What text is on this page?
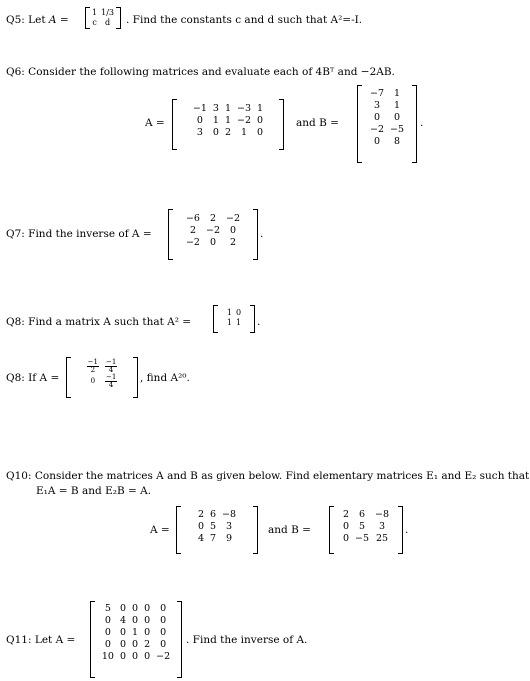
Q5: Let A =
1	1/3
c	d . Find the constants c and d such that A²=-I.
Q6: Consider the following matrices and evaluate each of 4Bᵀ and −2AB.
A =
−1	3	1	−3	1
0	1	1	−2	0
3	0	2	1	0
and B =
−7	1
3	1
0	0
−2	−5
0	8
.
Q7: Find the inverse of A =
−6	2	−2
2	−2	0
−2	0	2
.
Q8: Find a matrix A such that A² =
1	0
1	1 .
Q8: If A =
$\frac{-1}{2}$	$\frac{-1}{4}$

0	$\frac{-1}{4}$ , find A²⁰.
Q10: Consider the matrices A and B as given below. Find elementary matrices E₁ and E₂ such that
E₁A = B and E₂B = A.
A =
2	6	−8
0	5	3
4	7	9
and B =
2	6	−8
0	5	3
0	−5	25
.
Q11: Let A =
5	0	0	0	0
0	4	0	0	0
0	0	1	0	0
0	0	0	2	0
10	0	0	0	−2
. Find the inverse of A.
